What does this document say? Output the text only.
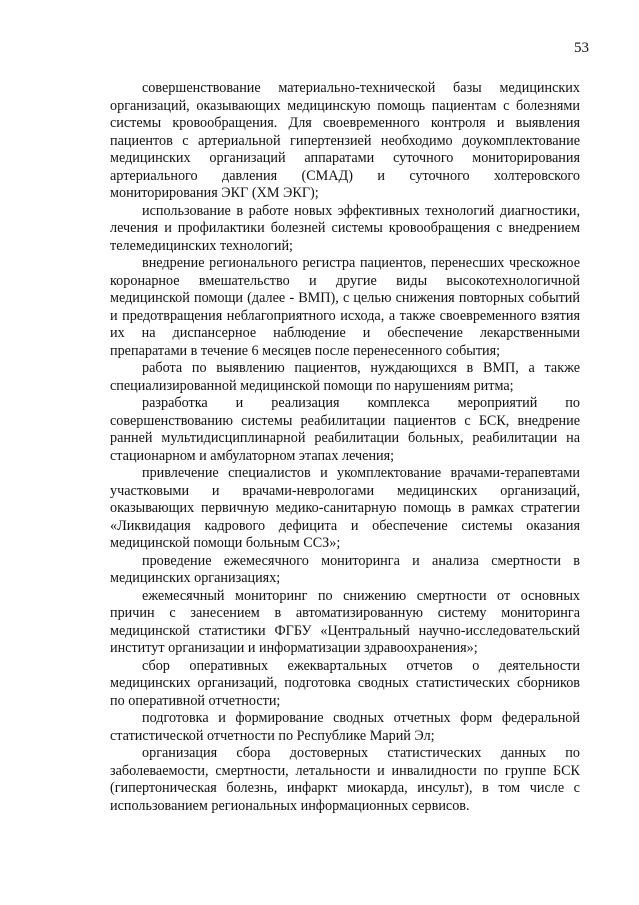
53

совершенствование материально-технической базы медицинских организаций, оказывающих медицинскую помощь пациентам с болезнями системы кровообращения. Для своевременного контроля и выявления пациентов с артериальной гипертензией необходимо доукомплектование медицинских организаций аппаратами суточного мониторирования артериального давления (СМАД) и суточного холтеровского мониторирования ЭКГ (ХМ ЭКГ);

использование в работе новых эффективных технологий диагностики, лечения и профилактики болезней системы кровообращения с внедрением телемедицинских технологий;

внедрение регионального регистра пациентов, перенесших чрескожное коронарное вмешательство и другие виды высокотехнологичной медицинской помощи (далее - ВМП), с целью снижения повторных событий и предотвращения неблагоприятного исхода, а также своевременного взятия их на диспансерное наблюдение и обеспечение лекарственными препаратами в течение 6 месяцев после перенесенного события;

работа по выявлению пациентов, нуждающихся в ВМП, а также специализированной медицинской помощи по нарушениям ритма;

разработка и реализация комплекса мероприятий по совершенствованию системы реабилитации пациентов с БСК, внедрение ранней мультидисциплинарной реабилитации больных, реабилитации на стационарном и амбулаторном этапах лечения;

привлечение специалистов и укомплектование врачами-терапевтами участковыми и врачами-неврологами медицинских организаций, оказывающих первичную медико-санитарную помощь в рамках стратегии «Ликвидация кадрового дефицита и обеспечение системы оказания медицинской помощи больным ССЗ»;

проведение ежемесячного мониторинга и анализа смертности в медицинских организациях;

ежемесячный мониторинг по снижению смертности от основных причин с занесением в автоматизированную систему мониторинга медицинской статистики ФГБУ «Центральный научно-исследовательский институт организации и информатизации здравоохранения»;

сбор оперативных ежеквартальных отчетов о деятельности медицинских организаций, подготовка сводных статистических сборников по оперативной отчетности;

подготовка и формирование сводных отчетных форм федеральной статистической отчетности по Республике Марий Эл;

организация сбора достоверных статистических данных по заболеваемости, смертности, летальности и инвалидности по группе БСК (гипертоническая болезнь, инфаркт миокарда, инсульт), в том числе с использованием региональных информационных сервисов.
